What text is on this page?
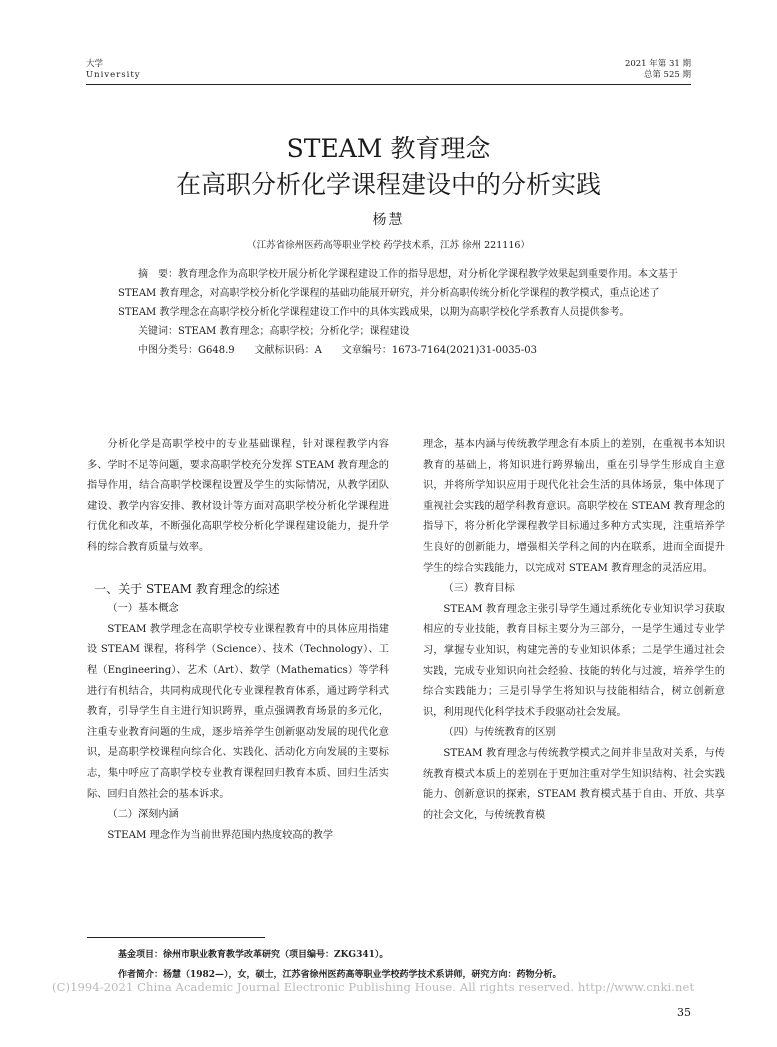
大学
University
2021 年第 31 期
总第 525 期
STEAM 教育理念
在高职分析化学课程建设中的分析实践
杨慧
（江苏省徐州医药高等职业学校 药学技术系，江苏 徐州 221116）

摘　要：教育理念作为高职学校开展分析化学课程建设工作的指导思想，对分析化学课程教学效果起到重要作用。本文基于 STEAM 教育理念，对高职学校分析化学课程的基础功能展开研究，并分析高职传统分析化学课程的教学模式，重点论述了 STEAM 教学理念在高职学校分析化学课程建设工作中的具体实践成果，以期为高职学校化学系教育人员提供参考。

关键词：STEAM 教育理念；高职学校；分析化学；课程建设

中图分类号：G648.9　　文献标识码：A　　文章编号：1673-7164(2021)31-0035-03

分析化学是高职学校中的专业基础课程，针对课程教学内容多、学时不足等问题，要求高职学校充分发挥 STEAM 教育理念的指导作用，结合高职学校课程设置及学生的实际情况，从教学团队建设、教学内容安排、教材设计等方面对高职学校分析化学课程进行优化和改革，不断强化高职学校分析化学课程建设能力，提升学科的综合教育质量与效率。

一、关于 STEAM 教育理念的综述

（一）基本概念

STEAM 教学理念在高职学校专业课程教育中的具体应用指建设 STEAM 课程，将科学（Science）、技术（Technology）、工程（Engineering）、艺术（Art）、数学（Mathematics）等学科进行有机结合，共同构成现代化专业课程教育体系，通过跨学科式教育，引导学生自主进行知识跨界，重点强调教育场景的多元化，注重专业教育问题的生成，逐步培养学生创新驱动发展的现代化意识，是高职学校课程向综合化、实践化、活动化方向发展的主要标志，集中呼应了高职学校专业教育课程回归教育本质、回归生活实际、回归自然社会的基本诉求。

（二）深刻内涵

STEAM 理念作为当前世界范围内热度较高的教学

理念，基本内涵与传统教学理念有本质上的差别，在重视书本知识教育的基础上，将知识进行跨界输出，重在引导学生形成自主意识，并将所学知识应用于现代化社会生活的具体场景，集中体现了重视社会实践的超学科教育意识。高职学校在 STEAM 教育理念的指导下，将分析化学课程教学目标通过多种方式实现，注重培养学生良好的创新能力，增强相关学科之间的内在联系，进而全面提升学生的综合实践能力，以完成对 STEAM 教育理念的灵活应用。

（三）教育目标

STEAM 教育理念主张引导学生通过系统化专业知识学习获取相应的专业技能，教育目标主要分为三部分，一是学生通过专业学习，掌握专业知识，构建完善的专业知识体系；二是学生通过社会实践，完成专业知识向社会经验、技能的转化与过渡，培养学生的综合实践能力；三是引导学生将知识与技能相结合，树立创新意识，利用现代化科学技术手段驱动社会发展。

（四）与传统教育的区别

STEAM 教育理念与传统教学模式之间并非呈敌对关系，与传统教育模式本质上的差别在于更加注重对学生知识结构、社会实践能力、创新意识的探索，STEAM 教育模式基于自由、开放、共享的社会文化，与传统教育模

基金项目：徐州市职业教育教学改革研究（项目编号：ZKG341）。
作者简介：杨慧（1982—），女，硕士，江苏省徐州医药高等职业学校药学技术系讲师，研究方向：药物分析。
(C)1994-2021 China Academic Journal Electronic Publishing House. All rights reserved. http://www.cnki.net
35
